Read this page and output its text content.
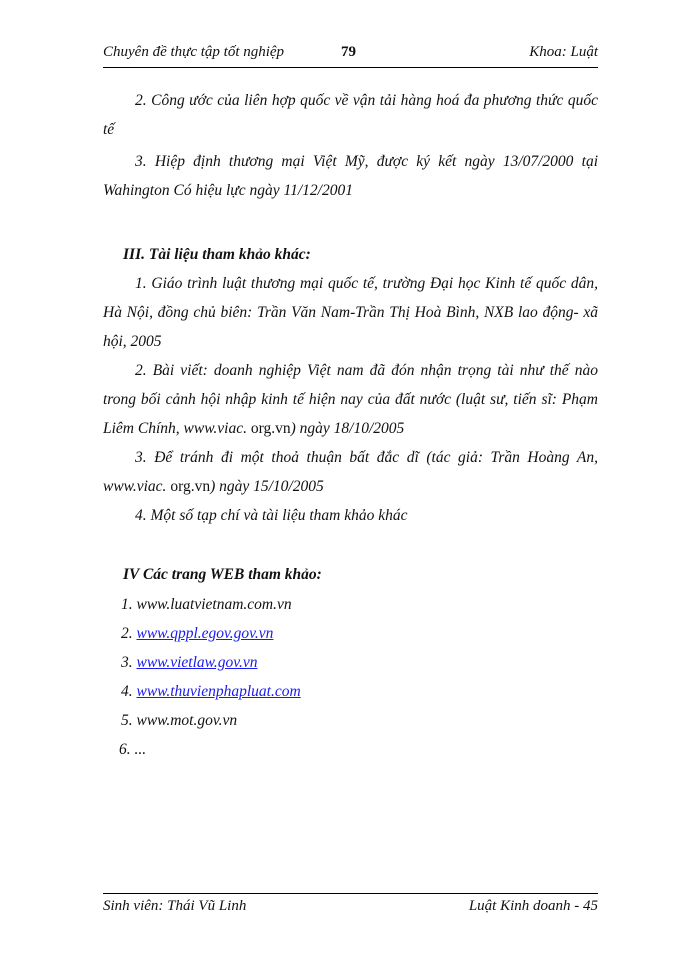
Chuyên đề thực tập tốt nghiệp	79	Khoa: Luật

2. Công ước của liên hợp quốc về vận tải hàng hoá đa phương thức quốc tế

3. Hiệp định thương mại Việt Mỹ, được ký kết ngày 13/07/2000 tại Wahington Có hiệu lực ngày 11/12/2001

III. Tài liệu tham khảo khác:

1. Giáo trình luật thương mại quốc tế, trường Đại học Kinh tế quốc dân, Hà Nội, đồng chủ biên: Trần Văn Nam-Trần Thị Hoà Bình, NXB lao động- xã hội, 2005

2. Bài viết: doanh nghiệp Việt nam đã đón nhận trọng tài như thế nào trong bối cảnh hội nhập kinh tế hiện nay của đất nước (luật sư, tiến sĩ: Phạm Liêm Chính, www.viac. org.vn) ngày 18/10/2005

3. Để tránh đi một thoả thuận bất đắc dĩ (tác giả: Trần Hoàng An, www.viac. org.vn) ngày 15/10/2005

4. Một số tạp chí và tài liệu tham khảo khác

IV Các trang WEB tham khảo:

1. www.luatvietnam.com.vn

2. www.qppl.egov.gov.vn

3. www.vietlaw.gov.vn

4. www.thuvienphapluat.com

5. www.mot.gov.vn

6. ...

Sinh viên: Thái Vũ Linh	Luật Kinh doanh - 45
